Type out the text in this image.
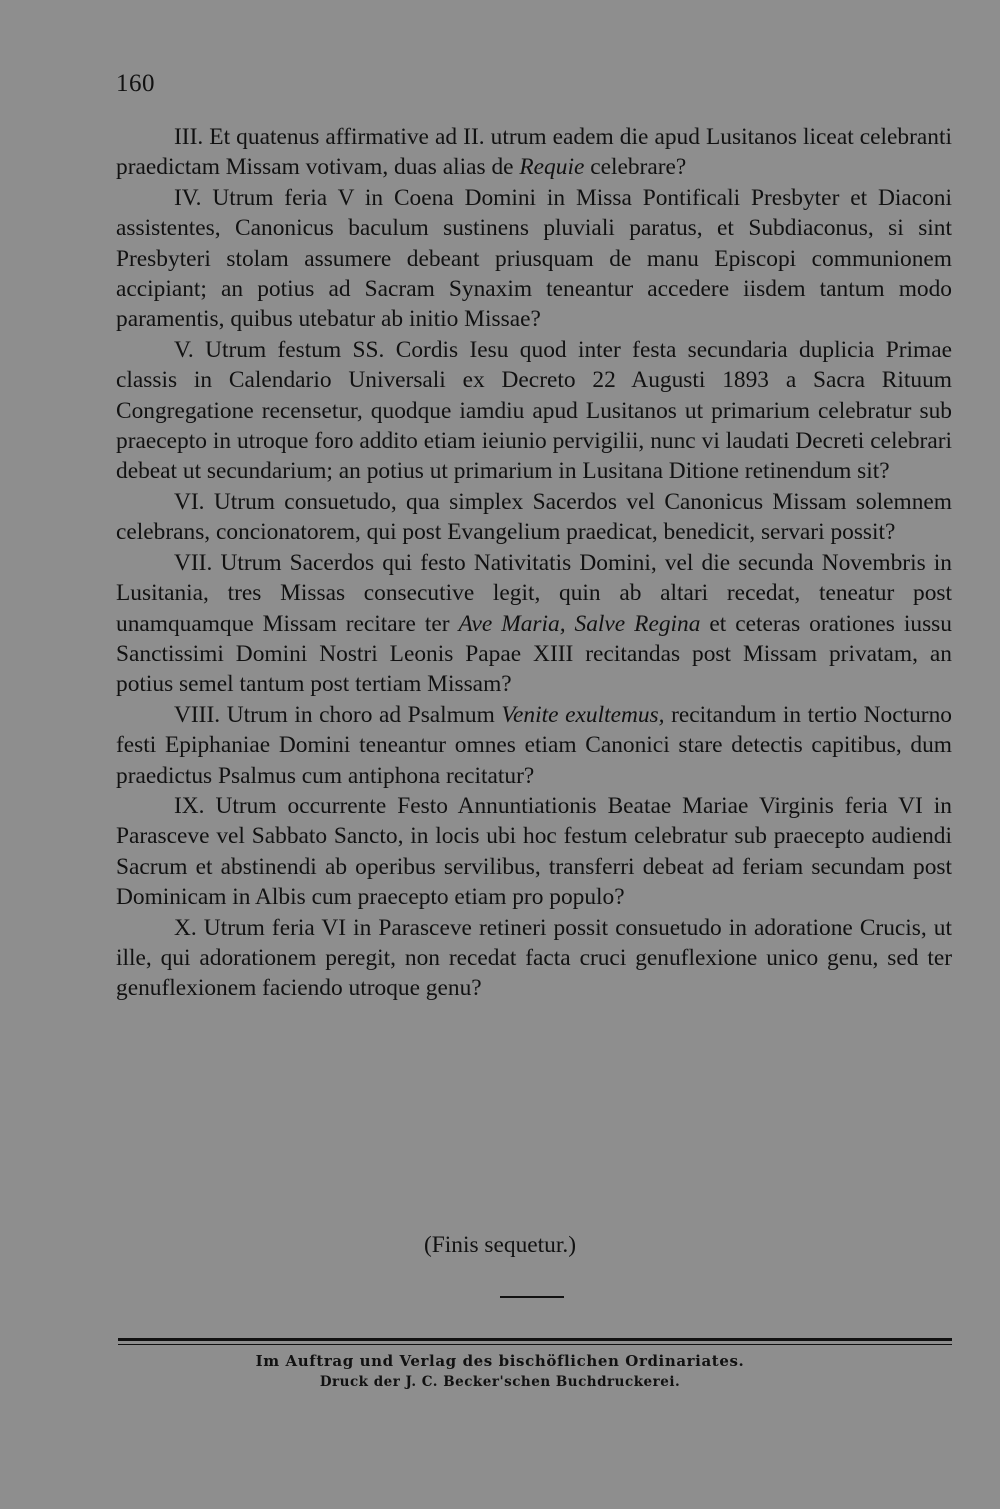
160

III. Et quatenus affirmative ad II. utrum eadem die apud Lusitanos liceat celebranti praedictam Missam votivam, duas alias de Requie celebrare?

IV. Utrum feria V in Coena Domini in Missa Pontificali Presbyter et Diaconi assistentes, Canonicus baculum sustinens pluviali paratus, et Subdiaconus, si sint Presbyteri stolam assumere debeant priusquam de manu Episcopi communionem accipiant; an potius ad Sacram Synaxim teneantur accedere iisdem tantum modo paramentis, quibus utebatur ab initio Missae?

V. Utrum festum SS. Cordis Iesu quod inter festa secundaria duplicia Primae classis in Calendario Universali ex Decreto 22 Augusti 1893 a Sacra Rituum Congregatione recensetur, quodque iamdiu apud Lusitanos ut primarium celebratur sub praecepto in utroque foro addito etiam ieiunio pervigilii, nunc vi laudati Decreti celebrari debeat ut secundarium; an potius ut primarium in Lusitana Ditione retinendum sit?

VI. Utrum consuetudo, qua simplex Sacerdos vel Canonicus Missam solemnem celebrans, concionatorem, qui post Evangelium praedicat, benedicit, servari possit?

VII. Utrum Sacerdos qui festo Nativitatis Domini, vel die secunda Novembris in Lusitania, tres Missas consecutive legit, quin ab altari recedat, teneatur post unamquamque Missam recitare ter Ave Maria, Salve Regina et ceteras orationes iussu Sanctissimi Domini Nostri Leonis Papae XIII recitandas post Missam privatam, an potius semel tantum post tertiam Missam?

VIII. Utrum in choro ad Psalmum Venite exultemus, recitandum in tertio Nocturno festi Epiphaniae Domini teneantur omnes etiam Canonici stare detectis capitibus, dum praedictus Psalmus cum antiphona recitatur?

IX. Utrum occurrente Festo Annuntiationis Beatae Mariae Virginis feria VI in Parasceve vel Sabbato Sancto, in locis ubi hoc festum celebratur sub praecepto audiendi Sacrum et abstinendi ab operibus servilibus, transferri debeat ad feriam secundam post Dominicam in Albis cum praecepto etiam pro populo?

X. Utrum feria VI in Parasceve retineri possit consuetudo in adoratione Crucis, ut ille, qui adorationem peregit, non recedat facta cruci genuflexione unico genu, sed ter genuflexionem faciendo utroque genu?

(Finis sequetur.)
Im Auftrag und Verlag des bischöflichen Ordinariates.
Druck der J. C. Becker'schen Buchdruckerei.
